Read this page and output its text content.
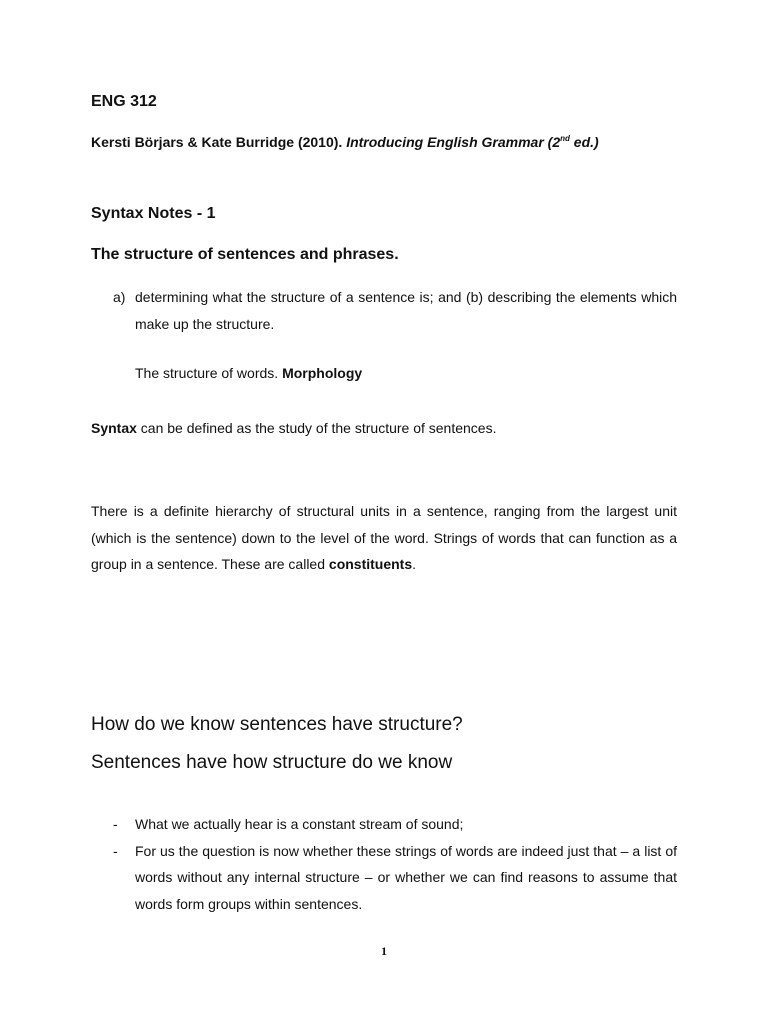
ENG 312
Kersti Börjars & Kate Burridge (2010). Introducing English Grammar (2nd ed.)
Syntax Notes - 1
The structure of sentences and phrases.
a) determining what the structure of a sentence is; and (b) describing the elements which make up the structure.
The structure of words. Morphology
Syntax can be defined as the study of the structure of sentences.
There is a definite hierarchy of structural units in a sentence, ranging from the largest unit (which is the sentence) down to the level of the word. Strings of words that can function as a group in a sentence. These are called constituents.
How do we know sentences have structure?
Sentences have how structure do we know
- What we actually hear is a constant stream of sound;
- For us the question is now whether these strings of words are indeed just that – a list of words without any internal structure – or whether we can find reasons to assume that words form groups within sentences.
1
